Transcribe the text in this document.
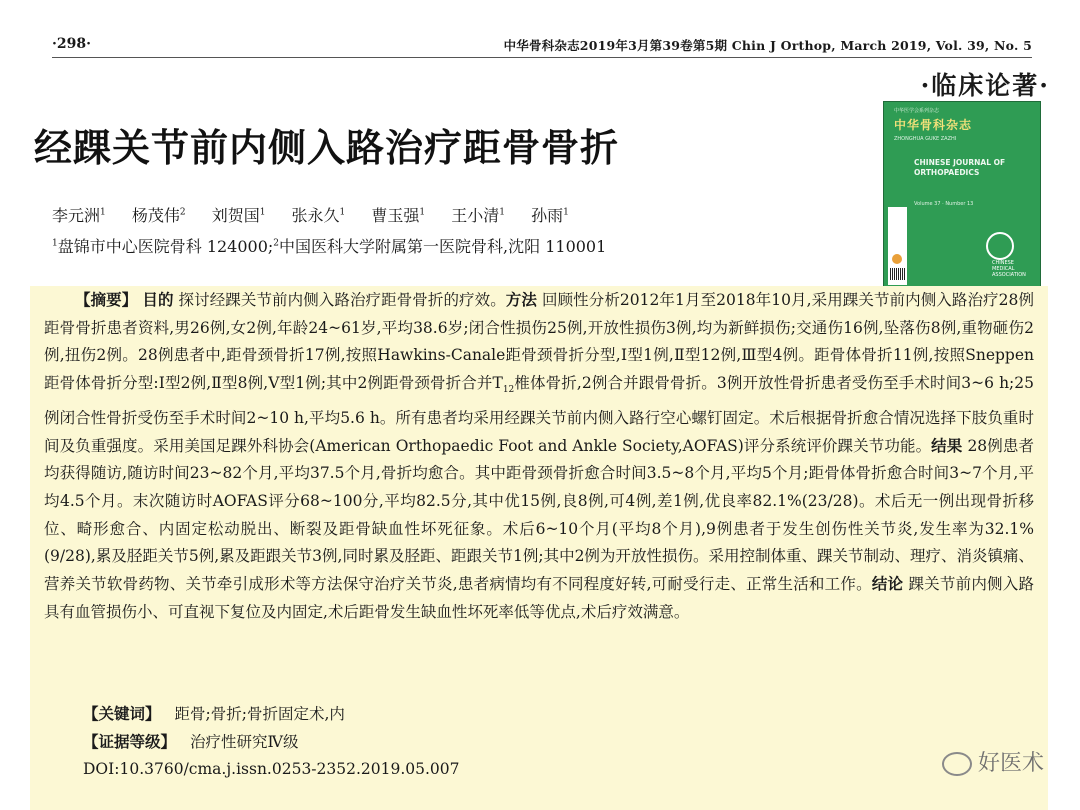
·298·	中华骨科杂志2019年3月第39卷第5期 Chin J Orthop, March 2019, Vol. 39, No. 5
·临床论著·
经踝关节前内侧入路治疗距骨骨折
李元洲$^1$ 杨茂伟$^2$ 刘贺国$^1$ 张永久$^1$ 曹玉强$^1$ 王小清$^1$ 孙雨$^1$
$^1$盘锦市中心医院骨科 124000;$^2$中国医科大学附属第一医院骨科,沈阳 110001
中华医学会系列杂志
中华骨科杂志
ZHONGHUA GUKE ZAZHI
CHINESE JOURNAL OF ORTHOPAEDICS
Volume 37 · Number 13
CHINESE MEDICAL ASSOCIATION

【摘要】 目的 探讨经踝关节前内侧入路治疗距骨骨折的疗效。方法 回顾性分析2012年1月至2018年10月,采用踝关节前内侧入路治疗28例距骨骨折患者资料,男26例,女2例,年龄24~61岁,平均38.6岁;闭合性损伤25例,开放性损伤3例,均为新鲜损伤;交通伤16例,坠落伤8例,重物砸伤2例,扭伤2例。28例患者中,距骨颈骨折17例,按照Hawkins-Canale距骨颈骨折分型,Ⅰ型1例,Ⅱ型12例,Ⅲ型4例。距骨体骨折11例,按照Sneppen距骨体骨折分型:Ⅰ型2例,Ⅱ型8例,Ⅴ型1例;其中2例距骨颈骨折合并$T_{12}$椎体骨折,2例合并跟骨骨折。3例开放性骨折患者受伤至手术时间3~6 h;25例闭合性骨折受伤至手术时间2~10 h,平均5.6 h。所有患者均采用经踝关节前内侧入路行空心螺钉固定。术后根据骨折愈合情况选择下肢负重时间及负重强度。采用美国足踝外科协会(American Orthopaedic Foot and Ankle Society,AOFAS)评分系统评价踝关节功能。结果 28例患者均获得随访,随访时间23~82个月,平均37.5个月,骨折均愈合。其中距骨颈骨折愈合时间3.5~8个月,平均5个月;距骨体骨折愈合时间3~7个月,平均4.5个月。末次随访时AOFAS评分68~100分,平均82.5分,其中优15例,良8例,可4例,差1例,优良率82.1%(23/28)。术后无一例出现骨折移位、畸形愈合、内固定松动脱出、断裂及距骨缺血性坏死征象。术后6~10个月(平均8个月),9例患者于发生创伤性关节炎,发生率为32.1%(9/28),累及胫距关节5例,累及距跟关节3例,同时累及胫距、距跟关节1例;其中2例为开放性损伤。采用控制体重、踝关节制动、理疗、消炎镇痛、营养关节软骨药物、关节牵引成形术等方法保守治疗关节炎,患者病情均有不同程度好转,可耐受行走、正常生活和工作。结论 踝关节前内侧入路具有血管损伤小、可直视下复位及内固定,术后距骨发生缺血性坏死率低等优点,术后疗效满意。

【关键词】 距骨;骨折;骨折固定术,内
【证据等级】 治疗性研究Ⅳ级
DOI:10.3760/cma.j.issn.0253-2352.2019.05.007	好医术
